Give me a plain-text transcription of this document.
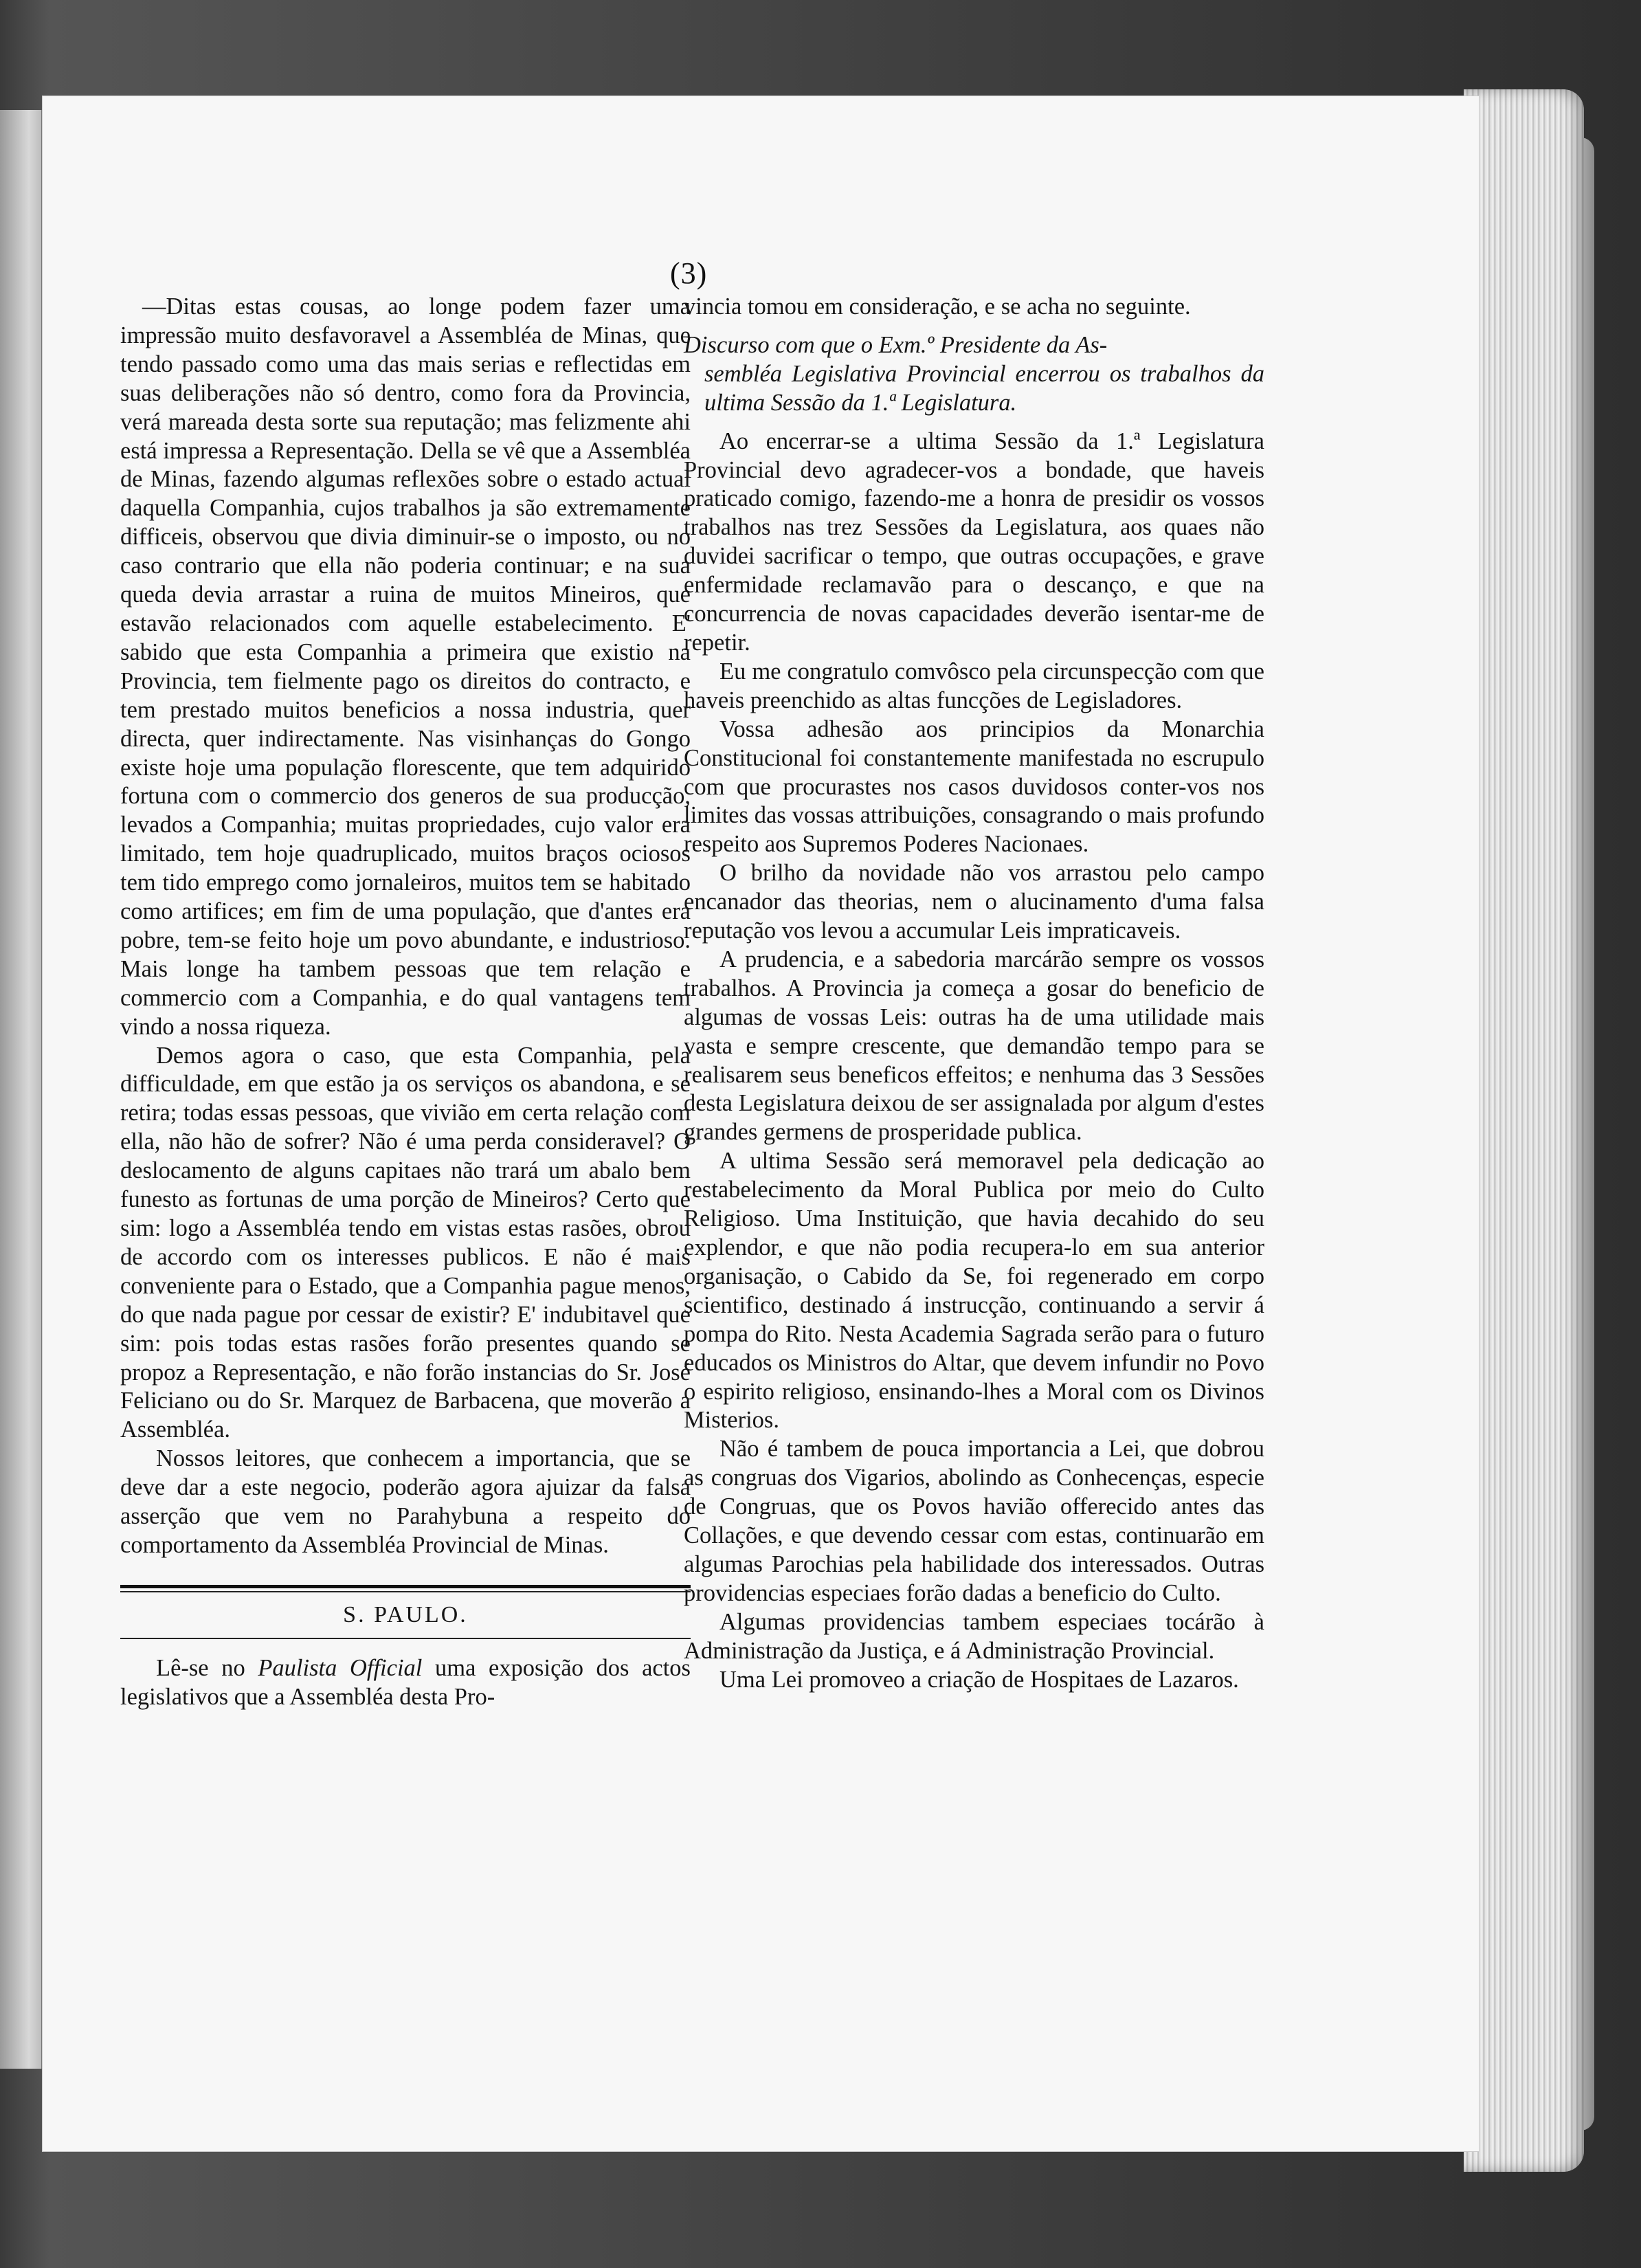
(3)

—Ditas estas cousas, ao longe podem fazer uma impressão muito desfavoravel a Assembléa de Minas, que tendo passado como uma das mais serias e reflectidas em suas deliberações não só dentro, como fora da Provincia, verá mareada desta sorte sua reputação; mas felizmente ahi está impressa a Representação. Della se vê que a Assembléa de Minas, fazendo algumas reflexões sobre o estado actual daquella Companhia, cujos trabalhos ja são extremamente difficeis, observou que divia diminuir-se o imposto, ou no caso contrario que ella não poderia continuar; e na sua queda devia arrastar a ruina de muitos Mineiros, que estavão relacionados com aquelle estabelecimento. E' sabido que esta Companhia a primeira que existio na Provincia, tem fielmente pago os direitos do contracto, e tem prestado muitos beneficios a nossa industria, quer directa, quer indirectamente. Nas visinhanças do Gongo existe hoje uma população florescente, que tem adquirido fortuna com o commercio dos generos de sua producção, levados a Companhia; muitas propriedades, cujo valor era limitado, tem hoje quadruplicado, muitos braços ociosos tem tido emprego como jornaleiros, muitos tem se habitado como artifices; em fim de uma população, que d'antes era pobre, tem-se feito hoje um povo abundante, e industrioso. Mais longe ha tambem pessoas que tem relação e commercio com a Companhia, e do qual vantagens tem vindo a nossa riqueza.

Demos agora o caso, que esta Companhia, pela difficuldade, em que estão ja os serviços os abandona, e se retira; todas essas pessoas, que vivião em certa relação com ella, não hão de sofrer? Não é uma perda consideravel? O deslocamento de alguns capitaes não trará um abalo bem funesto as fortunas de uma porção de Mineiros? Certo que sim: logo a Assembléa tendo em vistas estas rasões, obrou de accordo com os interesses publicos. E não é mais conveniente para o Estado, que a Companhia pague menos, do que nada pague por cessar de existir? E' indubitavel que sim: pois todas estas rasões forão presentes quando se propoz a Representação, e não forão instancias do Sr. José Feliciano ou do Sr. Marquez de Barbacena, que moverão a Assembléa.

Nossos leitores, que conhecem a importancia, que se deve dar a este negocio, poderão agora ajuizar da falsa asserção que vem no Parahybuna a respeito do comportamento da Assembléa Provincial de Minas.

S. PAULO.

Lê-se no Paulista Official uma exposição dos actos legislativos que a Assembléa desta Pro-

vincia tomou em consideração, e se acha no seguinte.

Discurso com que o Exm.º Presidente da As-
sembléa Legislativa Provincial encerrou os trabalhos da ultima Sessão da 1.ª Legislatura.

Ao encerrar-se a ultima Sessão da 1.ª Legislatura Provincial devo agradecer-vos a bondade, que haveis praticado comigo, fazendo-me a honra de presidir os vossos trabalhos nas trez Sessões da Legislatura, aos quaes não duvidei sacrificar o tempo, que outras occupações, e grave enfermidade reclamavão para o descanço, e que na concurrencia de novas capacidades deverão isentar-me de repetir.

Eu me congratulo comvôsco pela circunspecção com que haveis preenchido as altas funcções de Legisladores.

Vossa adhesão aos principios da Monarchia Constitucional foi constantemente manifestada no escrupulo com que procurastes nos casos duvidosos conter-vos nos limites das vossas attribuições, consagrando o mais profundo respeito aos Supremos Poderes Nacionaes.

O brilho da novidade não vos arrastou pelo campo encanador das theorias, nem o alucinamento d'uma falsa reputação vos levou a accumular Leis impraticaveis.

A prudencia, e a sabedoria marcárão sempre os vossos trabalhos. A Provincia ja começa a gosar do beneficio de algumas de vossas Leis: outras ha de uma utilidade mais vasta e sempre crescente, que demandão tempo para se realisarem seus beneficos effeitos; e nenhuma das 3 Sessões desta Legislatura deixou de ser assignalada por algum d'estes grandes germens de prosperidade publica.

A ultima Sessão será memoravel pela dedicação ao restabelecimento da Moral Publica por meio do Culto Religioso. Uma Instituição, que havia decahido do seu explendor, e que não podia recupera-lo em sua anterior organisação, o Cabido da Se, foi regenerado em corpo scientifico, destinado á instrucção, continuando a servir á pompa do Rito. Nesta Academia Sagrada serão para o futuro educados os Ministros do Altar, que devem infundir no Povo o espirito religioso, ensinando-lhes a Moral com os Divinos Misterios.

Não é tambem de pouca importancia a Lei, que dobrou as congruas dos Vigarios, abolindo as Conhecenças, especie de Congruas, que os Povos havião offerecido antes das Collações, e que devendo cessar com estas, continuarão em algumas Parochias pela habilidade dos interessados. Outras providencias especiaes forão dadas a beneficio do Culto.

Algumas providencias tambem especiaes tocárão à Administração da Justiça, e á Administração Provincial.

Uma Lei promoveo a criação de Hospitaes de Lazaros.
